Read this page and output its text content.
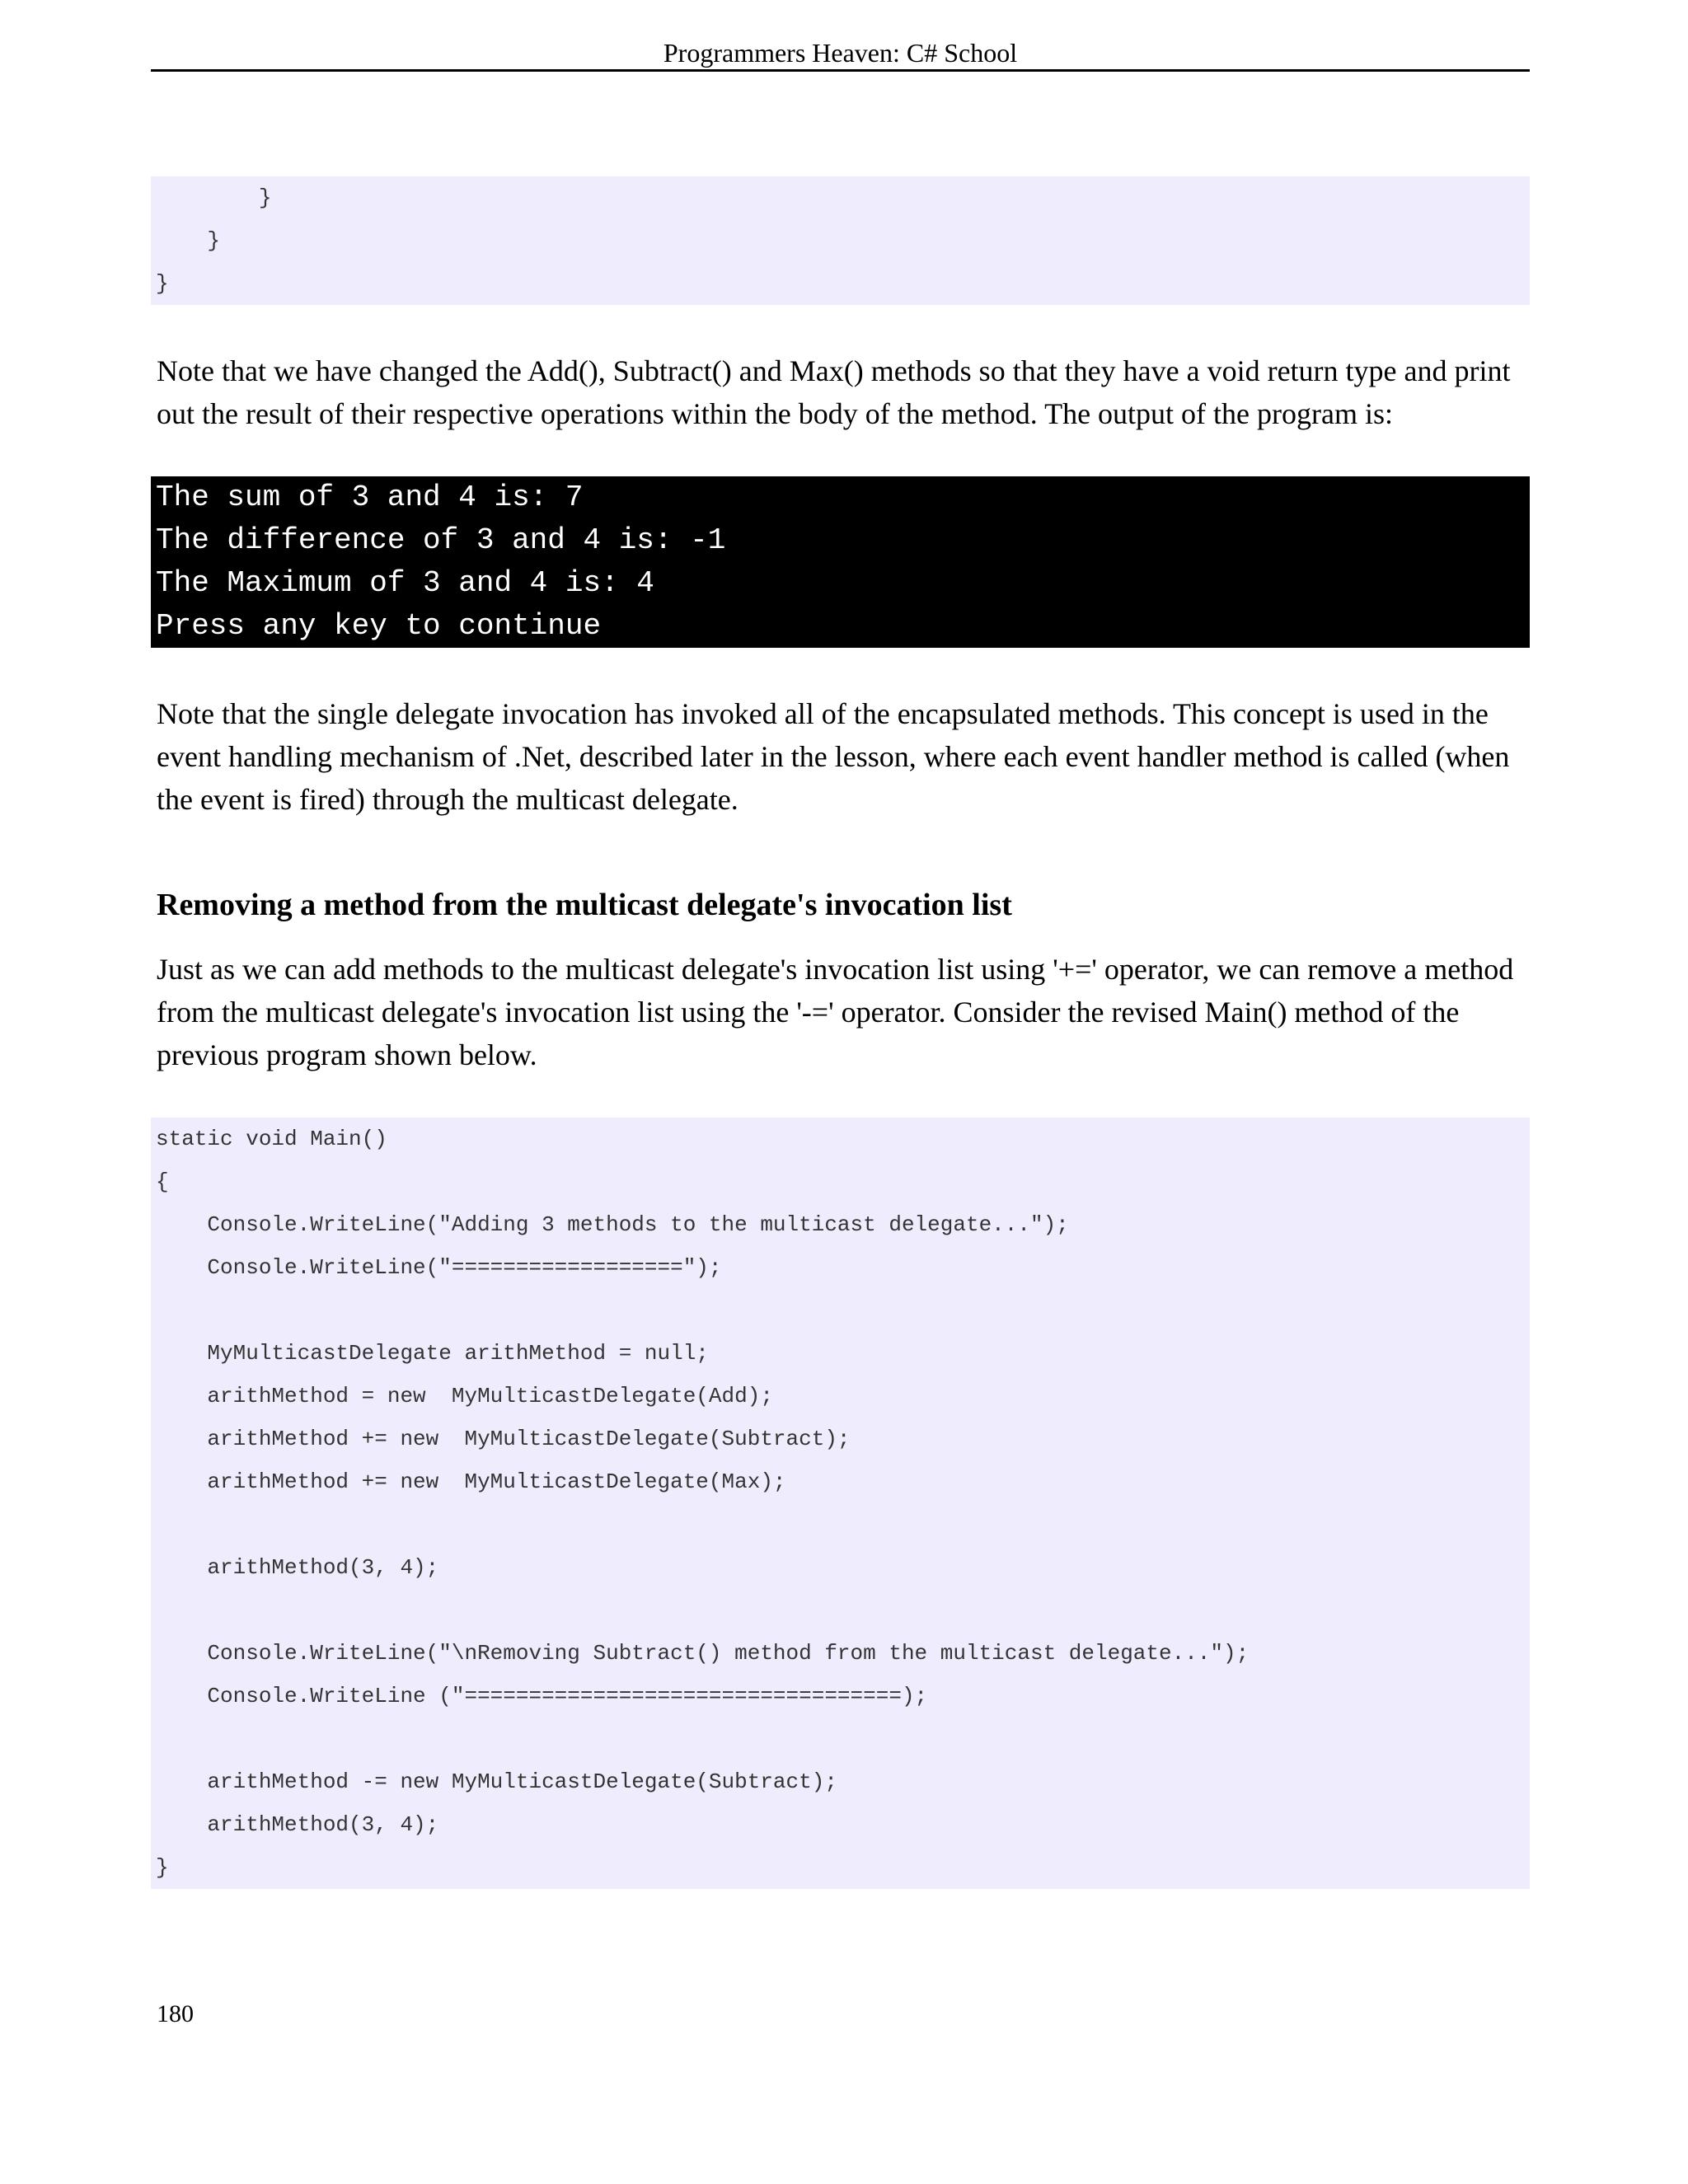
Programmers Heaven: C# School
}
}
}

Note that we have changed the Add(), Subtract() and Max() methods so that they have a void return type and print out the result of their respective operations within the body of the method. The output of the program is:

The sum of 3 and 4 is: 7
The difference of 3 and 4 is: -1
The Maximum of 3 and 4 is: 4
Press any key to continue

Note that the single delegate invocation has invoked all of the encapsulated methods. This concept is used in the event handling mechanism of .Net, described later in the lesson, where each event handler method is called (when the event is fired) through the multicast delegate.

Removing a method from the multicast delegate's invocation list

Just as we can add methods to the multicast delegate's invocation list using '+=' operator, we can remove a method from the multicast delegate's invocation list using the '-=' operator. Consider the revised Main() method of the previous program shown below.

static void Main()
{
Console.WriteLine("Adding 3 methods to the multicast delegate...");
Console.WriteLine("==================");
MyMulticastDelegate arithMethod = null;
arithMethod = new  MyMulticastDelegate(Add);
arithMethod += new  MyMulticastDelegate(Subtract);
arithMethod += new  MyMulticastDelegate(Max);
arithMethod(3, 4);
Console.WriteLine("\nRemoving Subtract() method from the multicast delegate...");
Console.WriteLine ("==================================);
arithMethod -= new MyMulticastDelegate(Subtract);
arithMethod(3, 4);
}
180
